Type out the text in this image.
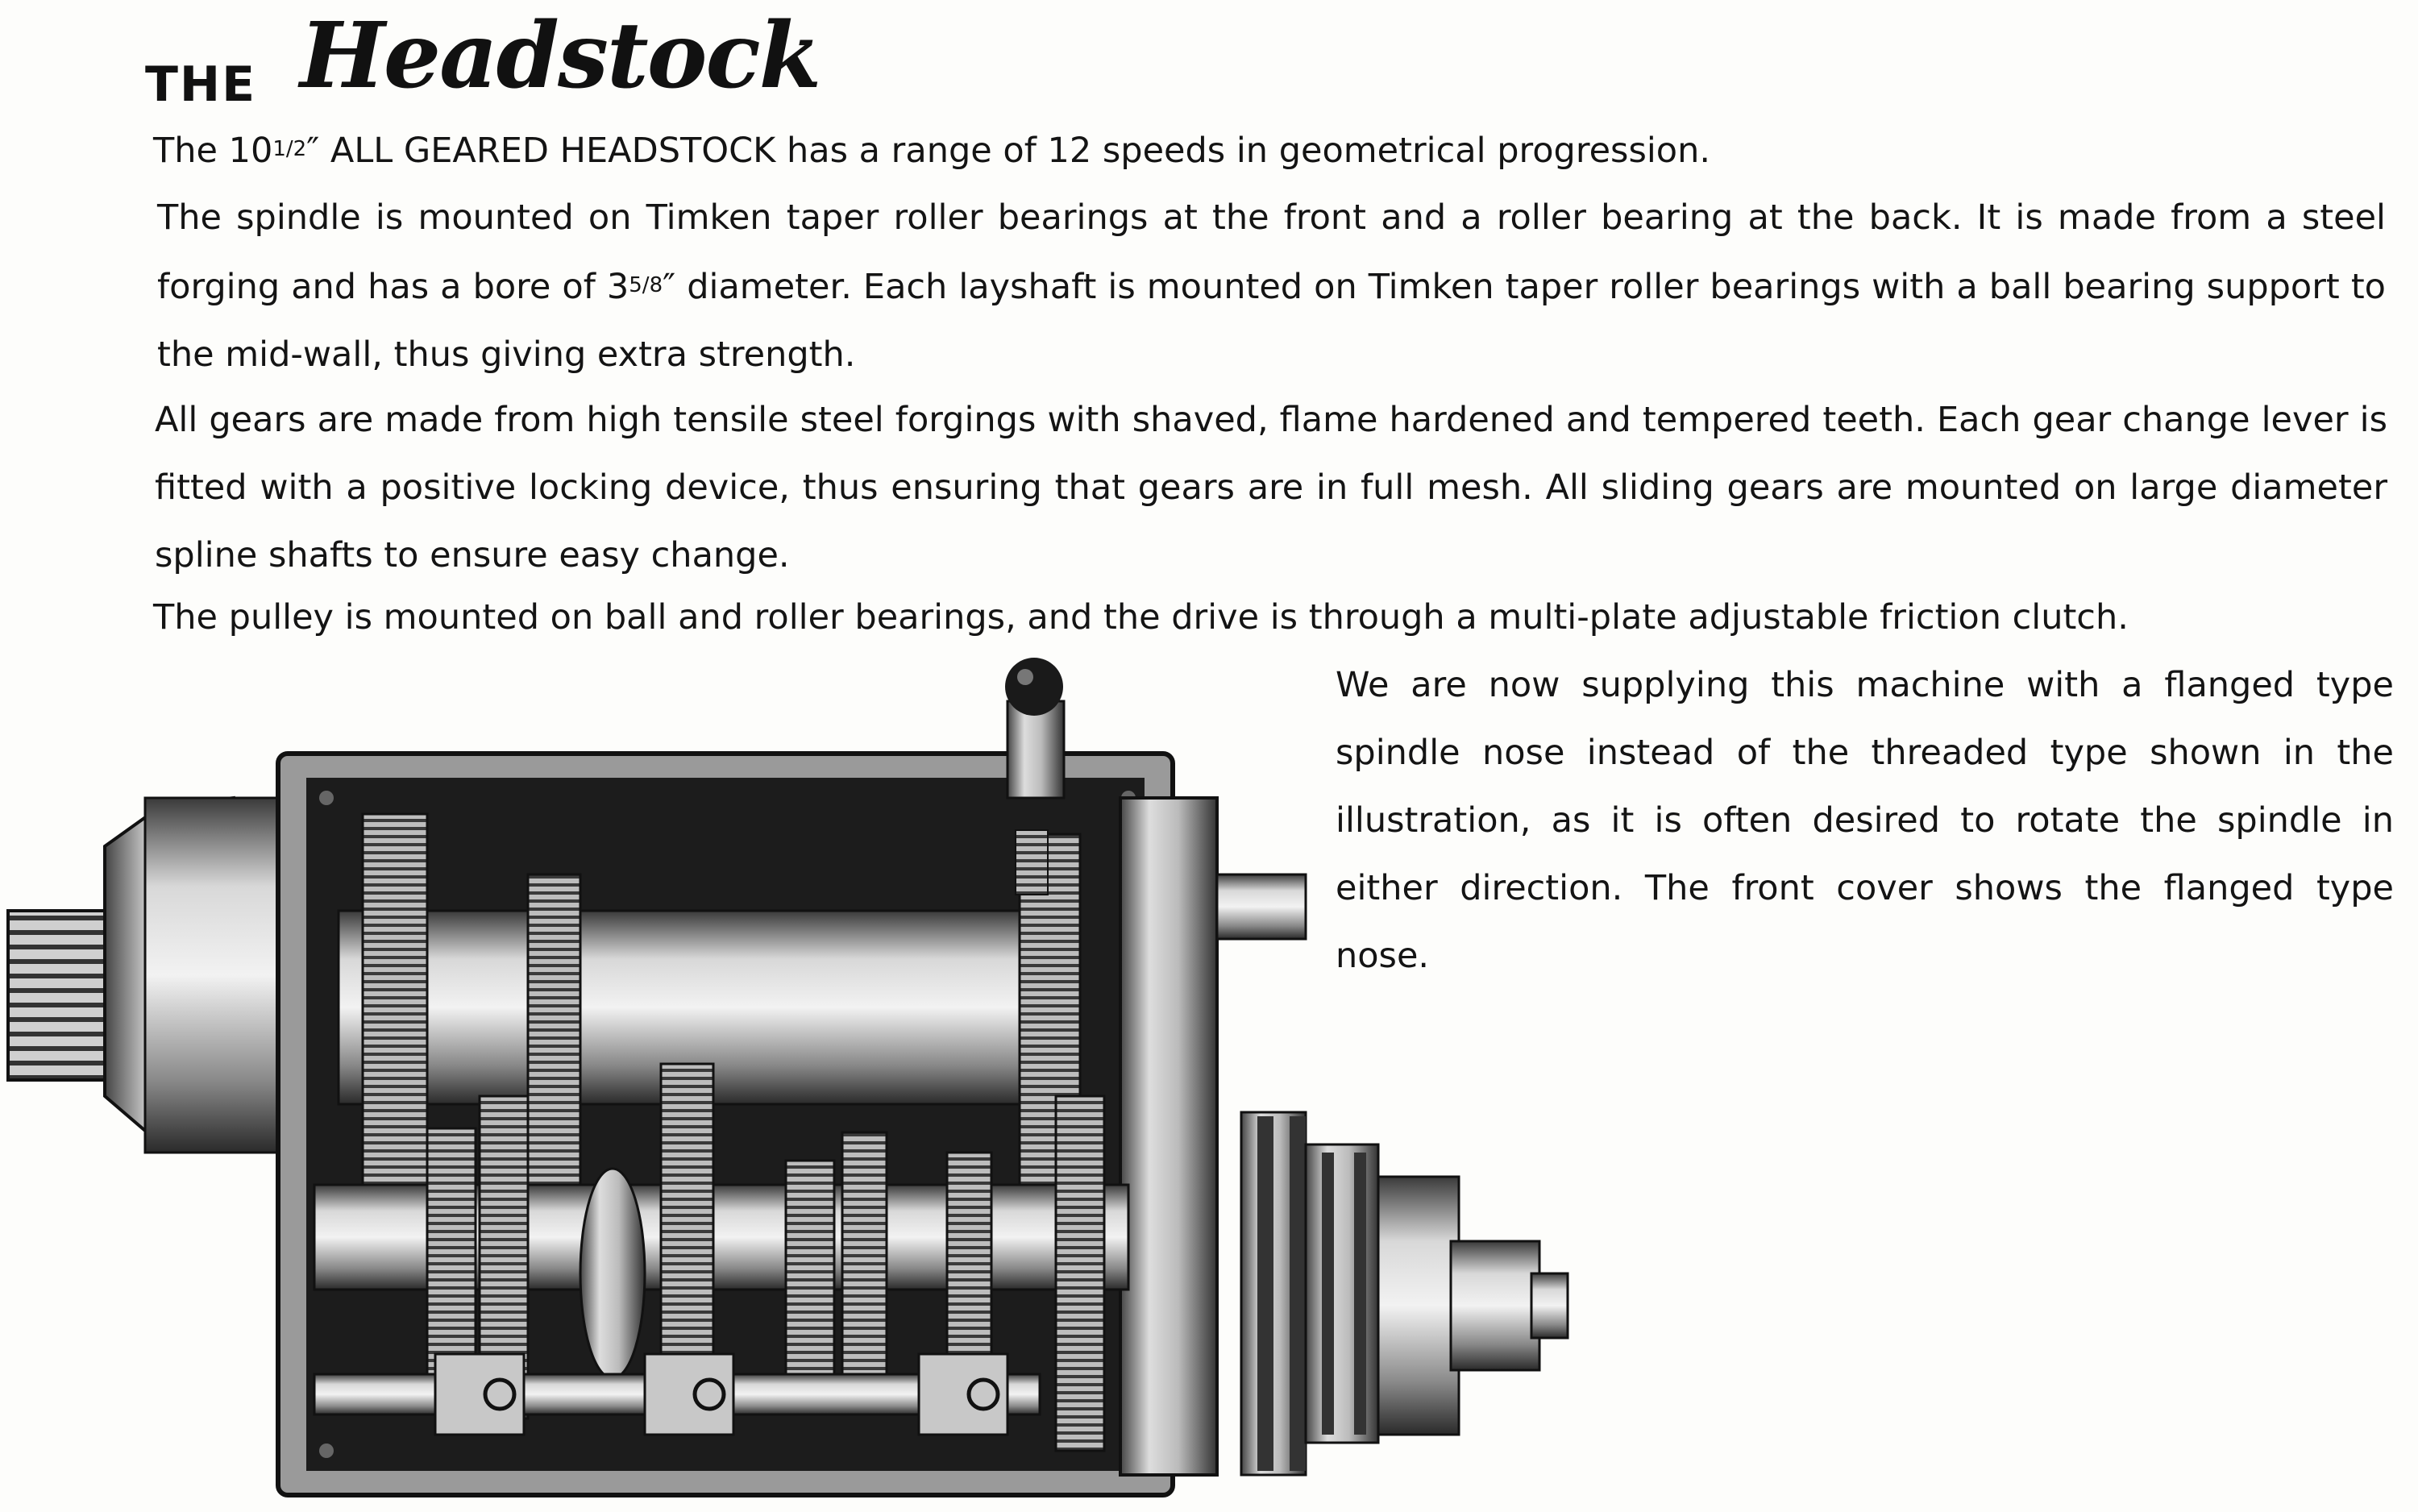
THE Headstock

The 101/2″ ALL GEARED HEADSTOCK has a range of 12 speeds in geometrical progression.

The spindle is mounted on Timken taper roller bearings at the front and a roller bearing at the back. It is made from a steel forging and has a bore of 35/8″ diameter. Each layshaft is mounted on Timken taper roller bearings with a ball bearing support to the mid-wall, thus giving extra strength.

All gears are made from high tensile steel forgings with shaved, flame hardened and tempered teeth. Each gear change lever is fitted with a positive locking device, thus ensuring that gears are in full mesh. All sliding gears are mounted on large diameter spline shafts to ensure easy change.

The pulley is mounted on ball and roller bearings, and the drive is through a multi-plate adjustable friction clutch.

We are now supplying this machine with a flanged type spindle nose instead of the threaded type shown in the illustration, as it is often desired to rotate the spindle in either direction. The front cover shows the flanged type nose.
